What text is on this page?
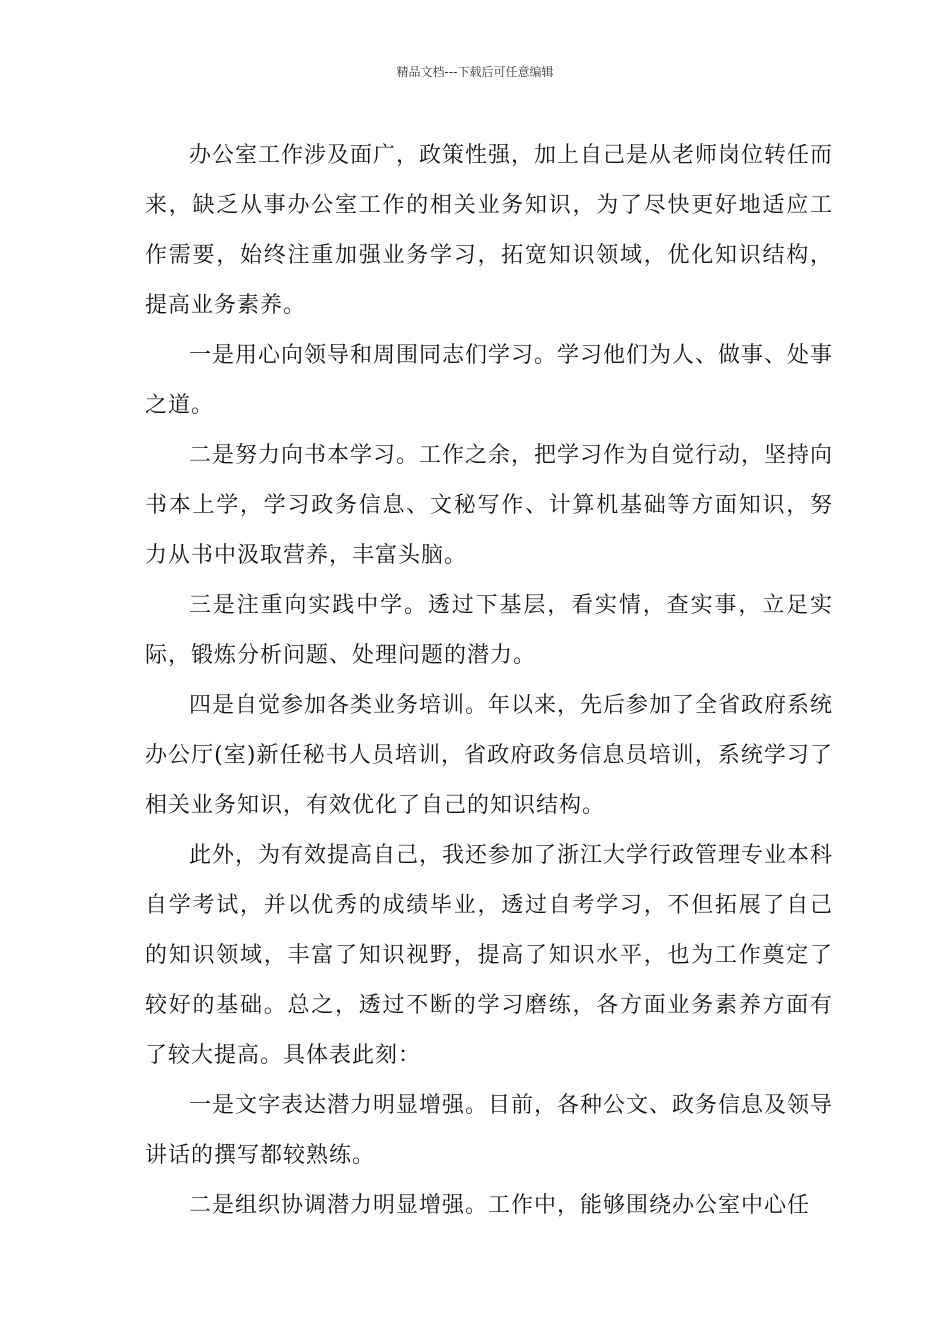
精品文档---下载后可任意编辑

办公室工作涉及面广，政策性强，加上自己是从老师岗位转任而来，缺乏从事办公室工作的相关业务知识，为了尽快更好地适应工作需要，始终注重加强业务学习，拓宽知识领域，优化知识结构，提高业务素养。

一是用心向领导和周围同志们学习。学习他们为人、做事、处事之道。

二是努力向书本学习。工作之余，把学习作为自觉行动，坚持向书本上学，学习政务信息、文秘写作、计算机基础等方面知识，努力从书中汲取营养，丰富头脑。

三是注重向实践中学。透过下基层，看实情，查实事，立足实际，锻炼分析问题、处理问题的潜力。

四是自觉参加各类业务培训。年以来，先后参加了全省政府系统办公厅(室)新任秘书人员培训，省政府政务信息员培训，系统学习了相关业务知识，有效优化了自己的知识结构。

此外，为有效提高自己，我还参加了浙江大学行政管理专业本科自学考试，并以优秀的成绩毕业，透过自考学习，不但拓展了自己的知识领域，丰富了知识视野，提高了知识水平，也为工作奠定了较好的基础。总之，透过不断的学习磨练，各方面业务素养方面有了较大提高。具体表此刻：

一是文字表达潜力明显增强。目前，各种公文、政务信息及领导讲话的撰写都较熟练。

二是组织协调潜力明显增强。工作中，能够围绕办公室中心任
